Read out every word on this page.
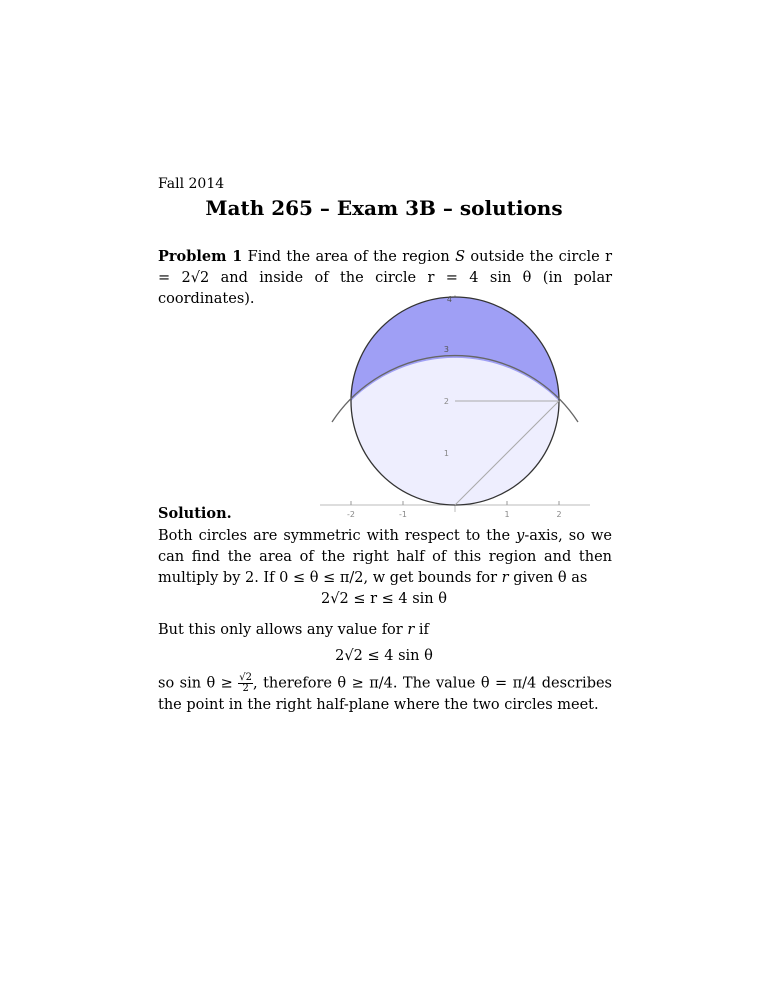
Fall 2014
Math 265 – Exam 3B – solutions
Problem 1 Find the area of the region S outside the circle r = 2√2 and inside of the circle r = 4 sin θ (in polar coordinates).
-2	-1	1	2
1
2
3
4
Solution.
Both circles are symmetric with respect to the y-axis, so we can find the area of the right half of this region and then multiply by 2. If 0 ≤ θ ≤ π/2, w get bounds for r given θ as
2√2 ≤ r ≤ 4 sin θ
But this only allows any value for r if
2√2 ≤ 4 sin θ
so $\sin \theta \ge \frac{√2}{2}$ , therefore θ ≥ π/4. The value θ = π/4 describes the point in the right half-plane where the two circles meet.
